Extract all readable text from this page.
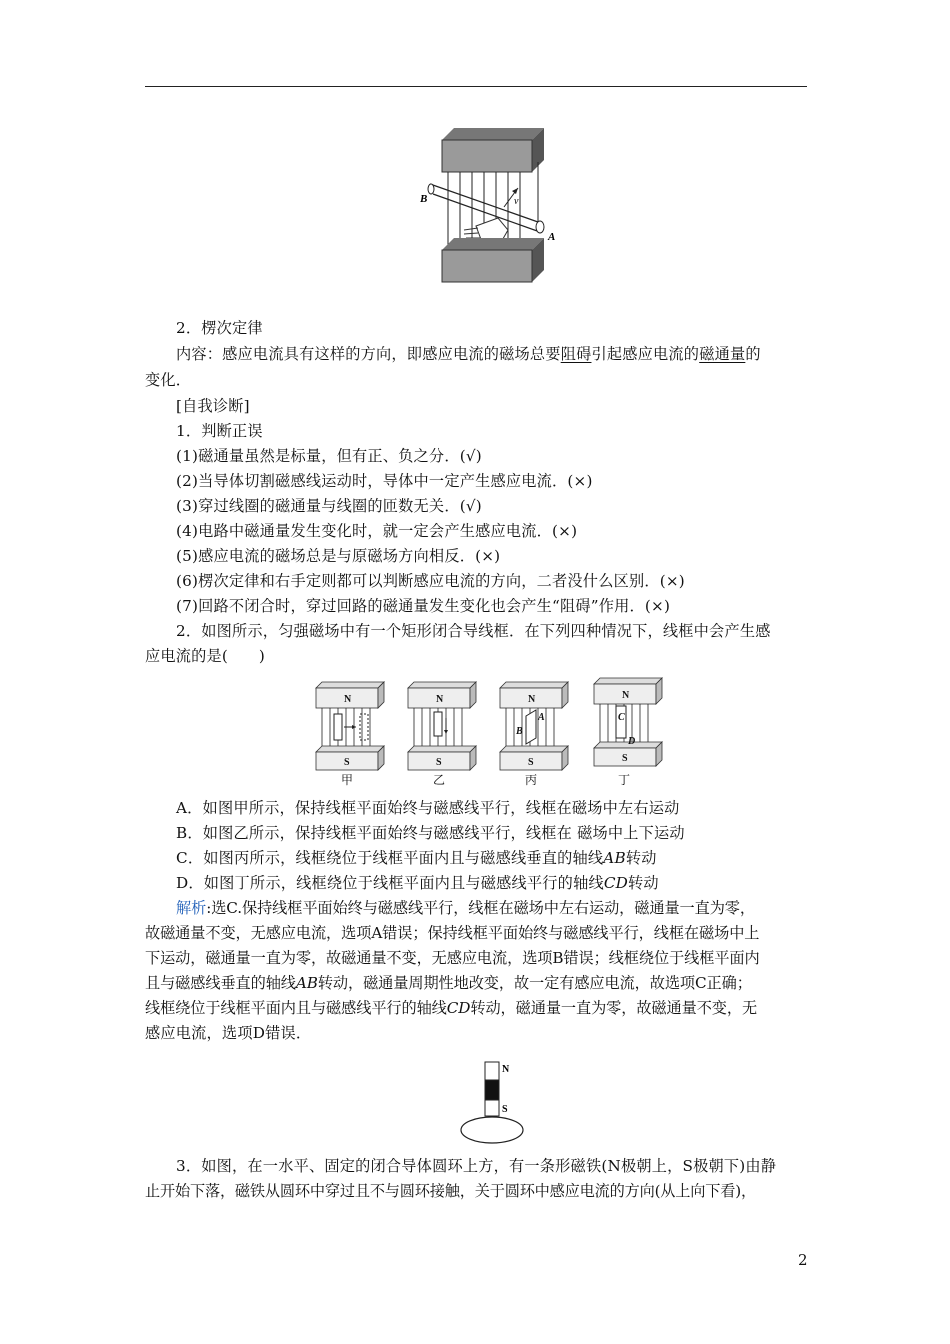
v
B
A
2．楞次定律
内容：感应电流具有这样的方向，即感应电流的磁场总要阻碍引起感应电流的磁通量的
变化．
[自我诊断]
1．判断正误
(1)磁通量虽然是标量，但有正、负之分．(√)
(2)当导体切割磁感线运动时，导体中一定产生感应电流．(×)
(3)穿过线圈的磁通量与线圈的匝数无关．(√)
(4)电路中磁通量发生变化时，就一定会产生感应电流．(×)
(5)感应电流的磁场总是与原磁场方向相反．(×)
(6)楞次定律和右手定则都可以判断感应电流的方向，二者没什么区别．(×)
(7)回路不闭合时，穿过回路的磁通量发生变化也会产生“阻碍”作用．(×)
2．如图所示，匀强磁场中有一个矩形闭合导线框．在下列四种情况下，线框中会产生感
应电流的是(　　)
N
S
N
S
N
S
N
S
B
A	C
D
甲	乙	丙	丁
A．如图甲所示，保持线框平面始终与磁感线平行，线框在磁场中左右运动
B．如图乙所示，保持线框平面始终与磁感线平行，线框在 磁场中上下运动
C．如图丙所示，线框绕位于线框平面内且与磁感线垂直的轴线AB转动
D．如图丁所示，线框绕位于线框平面内且与磁感线平行的轴线CD转动
解析:选C.保持线框平面始终与磁感线平行，线框在磁场中左右运动，磁通量一直为零，
故磁通量不变，无感应电流，选项A错误；保持线框平面始终与磁感线平行，线框在磁场中上
下运动，磁通量一直为零，故磁通量不变，无感应电流，选项B错误；线框绕位于线框平面内
且与磁感线垂直的轴线AB转动，磁通量周期性地改变，故一定有感应电流，故选项C正确；
线框绕位于线框平面内且与磁感线平行的轴线CD转动，磁通量一直为零，故磁通量不变，无
感应电流，选项D错误．
N
S
3．如图，在一水平、固定的闭合导体圆环上方，有一条形磁铁(N极朝上，S极朝下)由静
止开始下落，磁铁从圆环中穿过且不与圆环接触，关于圆环中感应电流的方向(从上向下看)，
2
